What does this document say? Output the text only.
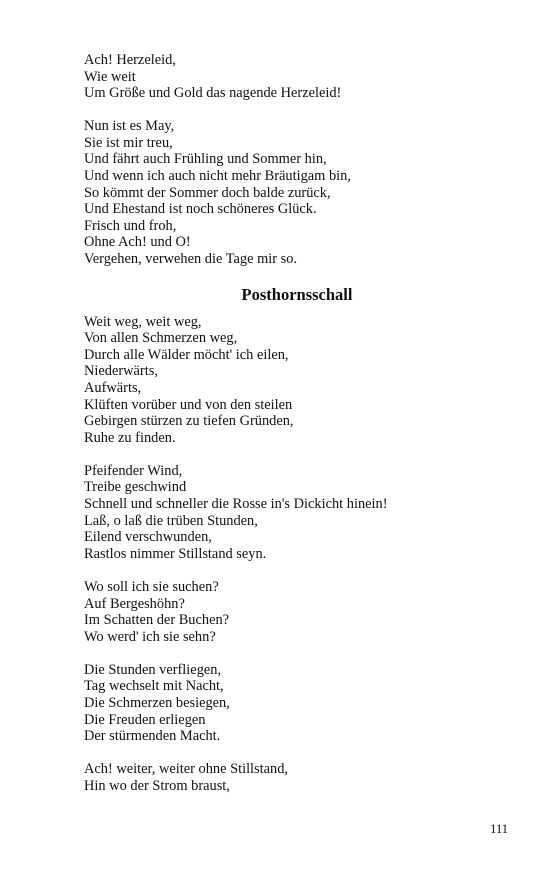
Ach! Herzeleid,
Wie weit
Um Größe und Gold das nagende Herzeleid!
Nun ist es May,
Sie ist mir treu,
Und fährt auch Frühling und Sommer hin,
Und wenn ich auch nicht mehr Bräutigam bin,
So kömmt der Sommer doch balde zurück,
Und Ehestand ist noch schöneres Glück.
Frisch und froh,
Ohne Ach! und O!
Vergehen, verwehen die Tage mir so.
Posthornsschall
Weit weg, weit weg,
Von allen Schmerzen weg,
Durch alle Wälder möcht' ich eilen,
Niederwärts,
Aufwärts,
Klüften vorüber und von den steilen
Gebirgen stürzen zu tiefen Gründen,
Ruhe zu finden.
Pfeifender Wind,
Treibe geschwind
Schnell und schneller die Rosse in's Dickicht hinein!
Laß, o laß die trüben Stunden,
Eilend verschwunden,
Rastlos nimmer Stillstand seyn.
Wo soll ich sie suchen?
Auf Bergeshöhn?
Im Schatten der Buchen?
Wo werd' ich sie sehn?
Die Stunden verfliegen,
Tag wechselt mit Nacht,
Die Schmerzen besiegen,
Die Freuden erliegen
Der stürmenden Macht.
Ach! weiter, weiter ohne Stillstand,
Hin wo der Strom braust,
111
